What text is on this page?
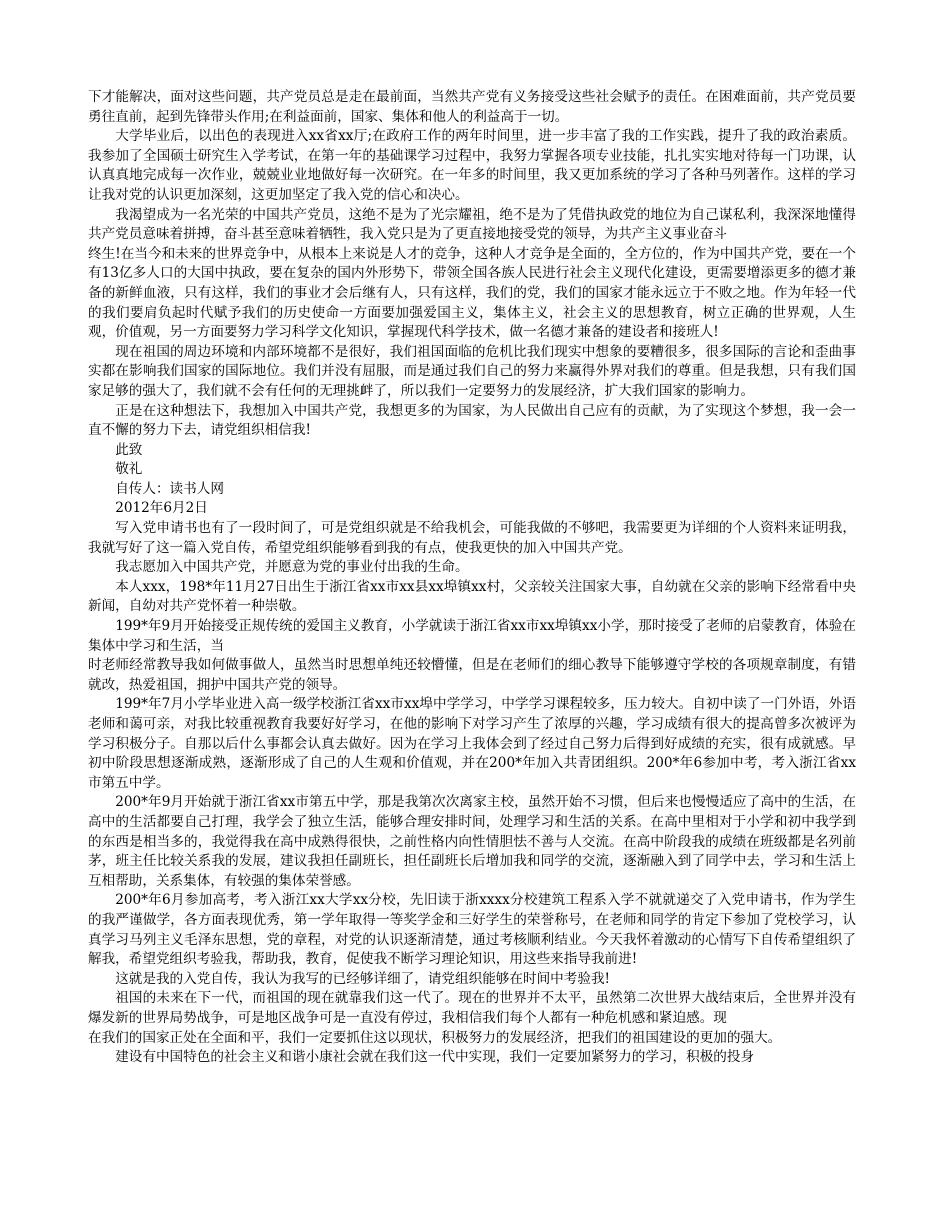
下才能解决，面对这些问题，共产党员总是走在最前面，当然共产党有义务接受这些社会赋予的责任。在困难面前，共产党员要勇往直前，起到先锋带头作用;在利益面前，国家、集体和他人的利益高于一切。

大学毕业后，以出色的表现进入xx省xx厅;在政府工作的两年时间里，进一步丰富了我的工作实践，提升了我的政治素质。我参加了全国硕士研究生入学考试，在第一年的基础课学习过程中，我努力掌握各项专业技能，扎扎实实地对待每一门功课，认认真真地完成每一次作业，兢兢业业地做好每一次研究。在一年多的时间里，我又更加系统的学习了各种马列著作。这样的学习让我对党的认识更加深刻，这更加坚定了我入党的信心和决心。

我渴望成为一名光荣的中国共产党员，这绝不是为了光宗耀祖，绝不是为了凭借执政党的地位为自己谋私利，我深深地懂得共产党员意味着拼搏，奋斗甚至意味着牺牲，我入党只是为了更直接地接受党的领导，为共产主义事业奋斗

终生!在当今和未来的世界竞争中，从根本上来说是人才的竞争，这种人才竞争是全面的，全方位的，作为中国共产党，要在一个有13亿多人口的大国中执政，要在复杂的国内外形势下，带领全国各族人民进行社会主义现代化建设，更需要增添更多的德才兼备的新鲜血液，只有这样，我们的事业才会后继有人，只有这样，我们的党，我们的国家才能永远立于不败之地。作为年轻一代的我们要肩负起时代赋予我们的历史使命一方面要加强爱国主义，集体主义，社会主义的思想教育，树立正确的世界观，人生观，价值观，另一方面要努力学习科学文化知识，掌握现代科学技术，做一名德才兼备的建设者和接班人!

现在祖国的周边环境和内部环境都不是很好，我们祖国面临的危机比我们现实中想象的要糟很多，很多国际的言论和歪曲事实都在影响我们国家的国际地位。我们并没有屈服，而是通过我们自己的努力来赢得外界对我们的尊重。但是我想，只有我们国家足够的强大了，我们就不会有任何的无理挑衅了，所以我们一定要努力的发展经济，扩大我们国家的影响力。

正是在这种想法下，我想加入中国共产党，我想更多的为国家，为人民做出自己应有的贡献，为了实现这个梦想，我一会一直不懈的努力下去，请党组织相信我!

此致

敬礼

自传人：读书人网

2012年6月2日

写入党申请书也有了一段时间了，可是党组织就是不给我机会，可能我做的不够吧，我需要更为详细的个人资料来证明我，我就写好了这一篇入党自传，希望党组织能够看到我的有点，使我更快的加入中国共产党。

我志愿加入中国共产党，并愿意为党的事业付出我的生命。

本人xxx，198*年11月27日出生于浙江省xx市xx县xx埠镇xx村，父亲较关注国家大事，自幼就在父亲的影响下经常看中央新闻，自幼对共产党怀着一种崇敬。

199*年9月开始接受正规传统的爱国主义教育，小学就读于浙江省xx市xx埠镇xx小学，那时接受了老师的启蒙教育，体验在集体中学习和生活，当

时老师经常教导我如何做事做人，虽然当时思想单纯还较懵懂，但是在老师们的细心教导下能够遵守学校的各项规章制度，有错就改，热爱祖国，拥护中国共产党的领导。

199*年7月小学毕业进入高一级学校浙江省xx市xx埠中学学习，中学学习课程较多，压力较大。自初中读了一门外语，外语老师和蔼可亲，对我比较重视教育我要好好学习，在他的影响下对学习产生了浓厚的兴趣，学习成绩有很大的提高曾多次被评为学习积极分子。自那以后什么事都会认真去做好。因为在学习上我体会到了经过自己努力后得到好成绩的充实，很有成就感。早初中阶段思想逐渐成熟，逐渐形成了自己的人生观和价值观，并在200*年加入共青团组织。200*年6参加中考，考入浙江省xx市第五中学。

200*年9月开始就于浙江省xx市第五中学，那是我第次次离家主校，虽然开始不习惯，但后来也慢慢适应了高中的生活，在高中的生活都要自己打理，我学会了独立生活，能够合理安排时间，处理学习和生活的关系。在高中里相对于小学和初中我学到的东西是相当多的，我觉得我在高中成熟得很快，之前性格内向性情胆怯不善与人交流。在高中阶段我的成绩在班级都是名列前茅，班主任比较关系我的发展，建议我担任副班长，担任副班长后增加我和同学的交流，逐渐融入到了同学中去，学习和生活上互相帮助，关系集体，有较强的集体荣誉感。

200*年6月参加高考，考入浙江xx大学xx分校，先旧读于浙xxxx分校建筑工程系入学不就就递交了入党申请书，作为学生的我严谨做学，各方面表现优秀，第一学年取得一等奖学金和三好学生的荣誉称号，在老师和同学的肯定下参加了党校学习，认真学习马列主义毛泽东思想，党的章程，对党的认识逐渐清楚，通过考核顺利结业。今天我怀着激动的心情写下自传希望组织了解我，希望党组织考验我，帮助我，教育，促使我不断学习理论知识，用这些来指导我前进!

这就是我的入党自传，我认为我写的已经够详细了，请党组织能够在时间中考验我!

祖国的未来在下一代，而祖国的现在就靠我们这一代了。现在的世界并不太平，虽然第二次世界大战结束后，全世界并没有爆发新的世界局势战争，可是地区战争可是一直没有停过，我相信我们每个人都有一种危机感和紧迫感。现

在我们的国家正处在全面和平，我们一定要抓住这以现状，积极努力的发展经济，把我们的祖国建设的更加的强大。

建设有中国特色的社会主义和谐小康社会就在我们这一代中实现，我们一定要加紧努力的学习，积极的投身
